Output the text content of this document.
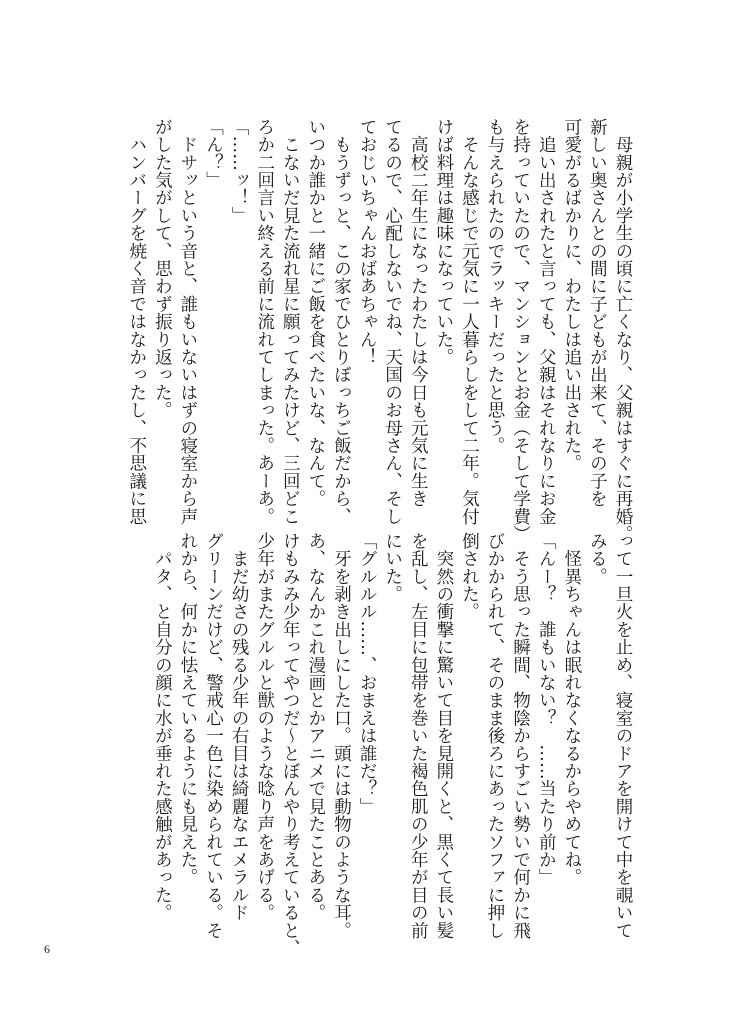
　母親が小学生の頃に亡くなり、父親はすぐに再婚。
新しい奥さんとの間に子どもが出来て、その子を
可愛がるばかりに、わたしは追い出された。
　追い出されたと言っても、父親はそれなりにお金
を持っていたので、マンションとお金（そして学費）
も与えられたのでラッキーだったと思う。
　そんな感じで元気に一人暮らしをして二年。気付
けば料理は趣味になっていた。
　高校二年生になったわたしは今日も元気に生き
てるので、心配しないでね、天国のお母さん、そし
ておじいちゃんおばあちゃん！
　もうずっと、この家でひとりぼっちご飯だから、
いつか誰かと一緒にご飯を食べたいな、なんて。
　こないだ見た流れ星に願ってみたけど、三回どこ
ろか二回言い終える前に流れてしまった。あーあ。
「……ッ！」
「ん？」
　ドサッという音と、誰もいないはずの寝室から声
がした気がして、思わず振り返った。
　ハンバーグを焼く音ではなかったし、不思議に思
って一旦火を止め、寝室のドアを開けて中を覗いて
みる。
　怪異ちゃんは眠れなくなるからやめてね。
「んー？　誰もいない？　……当たり前か」
　そう思った瞬間、物陰からすごい勢いで何かに飛
びかかられて、そのまま後ろにあったソファに押し
倒された。
　突然の衝撃に驚いて目を見開くと、黒くて長い髪
を乱し、左目に包帯を巻いた褐色肌の少年が目の前
にいた。
「グルルル……、おまえは誰だ？」
　牙を剥き出しにした口。頭には動物のような耳。
あ、なんかこれ漫画とかアニメで見たことある。
けもみみ少年ってやつだ～とぼんやり考えていると、
少年がまたグルルと獣のような唸り声をあげる。
　まだ幼さの残る少年の右目は綺麗なエメラルド
グリーンだけど、警戒心一色に染められている。そ
れから、何かに怯えているようにも見えた。
　パタ、と自分の顔に水が垂れた感触があった。
6
